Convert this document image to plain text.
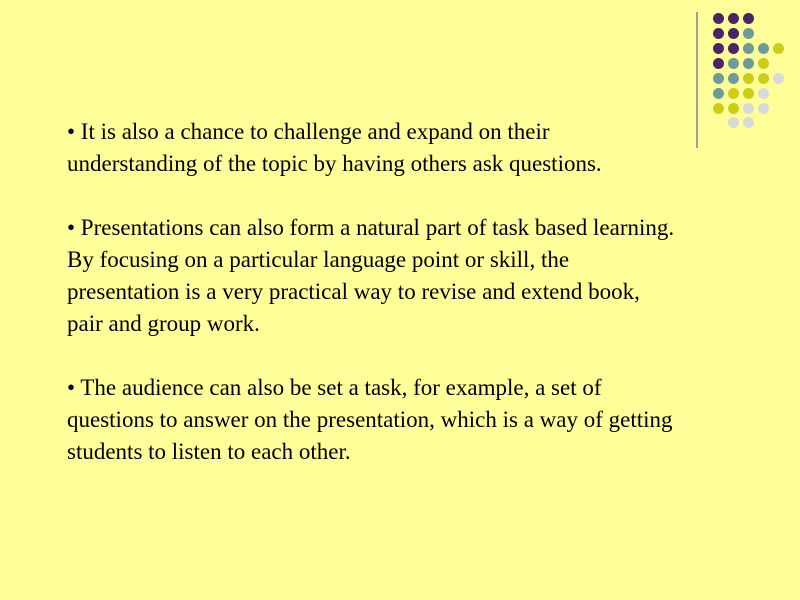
• It is also a chance to challenge and expand on their understanding of the topic by having others ask questions.

• Presentations can also form a natural part of task based learning. By focusing on a particular language point or skill, the presentation is a very practical way to revise and extend book, pair and group work.

• The audience can also be set a task, for example, a set of questions to answer on the presentation, which is a way of getting students to listen to each other.
